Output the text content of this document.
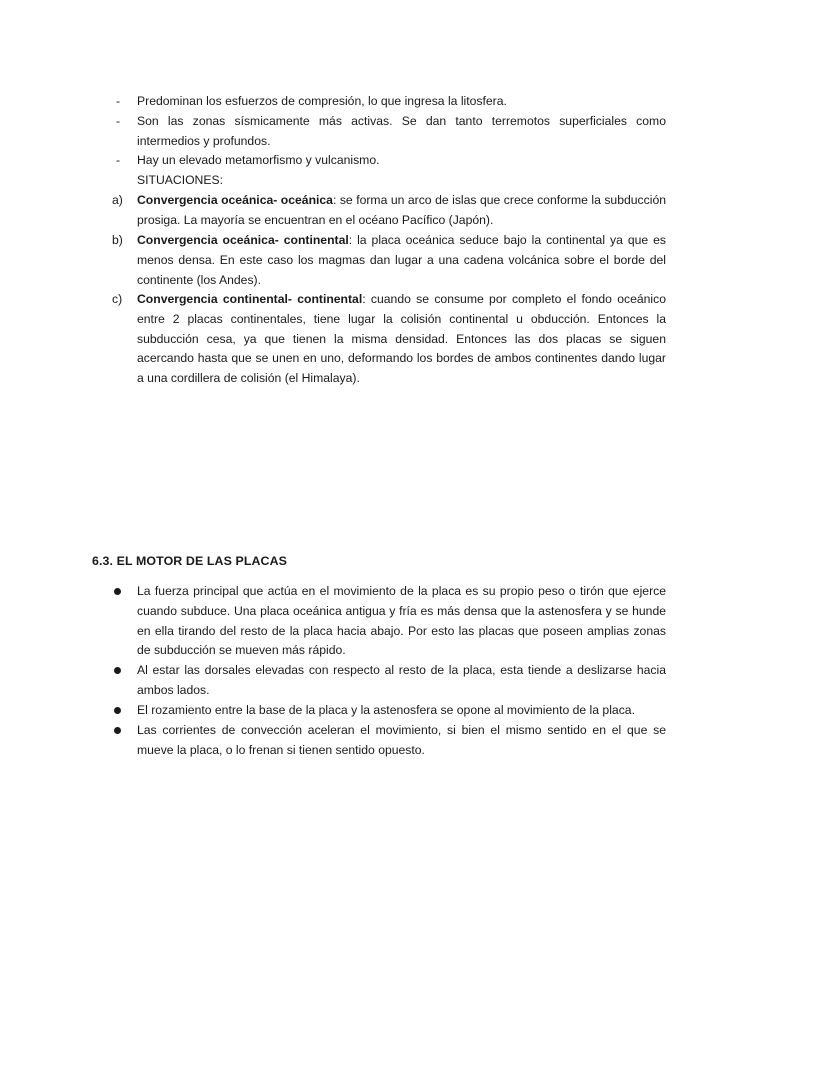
- Predominan los esfuerzos de compresión, lo que ingresa la litosfera.

- Son las zonas sísmicamente más activas. Se dan tanto terremotos superficiales como intermedios y profundos.

- Hay un elevado metamorfismo y vulcanismo.

SITUACIONES:

a) Convergencia oceánica- oceánica: se forma un arco de islas que crece conforme la subducción prosiga. La mayoría se encuentran en el océano Pacífico (Japón).

b) Convergencia oceánica- continental: la placa oceánica seduce bajo la continental ya que es menos densa. En este caso los magmas dan lugar a una cadena volcánica sobre el borde del continente (los Andes).

c) Convergencia continental- continental: cuando se consume por completo el fondo oceánico entre 2 placas continentales, tiene lugar la colisión continental u obducción. Entonces la subducción cesa, ya que tienen la misma densidad. Entonces las dos placas se siguen acercando hasta que se unen en uno, deformando los bordes de ambos continentes dando lugar a una cordillera de colisión (el Himalaya).

6.3. EL MOTOR DE LAS PLACAS

La fuerza principal que actúa en el movimiento de la placa es su propio peso o tirón que ejerce cuando subduce. Una placa oceánica antigua y fría es más densa que la astenosfera y se hunde en ella tirando del resto de la placa hacia abajo. Por esto las placas que poseen amplias zonas de subducción se mueven más rápido.

Al estar las dorsales elevadas con respecto al resto de la placa, esta tiende a deslizarse hacia ambos lados.

El rozamiento entre la base de la placa y la astenosfera se opone al movimiento de la placa.

Las corrientes de convección aceleran el movimiento, si bien el mismo sentido en el que se mueve la placa, o lo frenan si tienen sentido opuesto.
